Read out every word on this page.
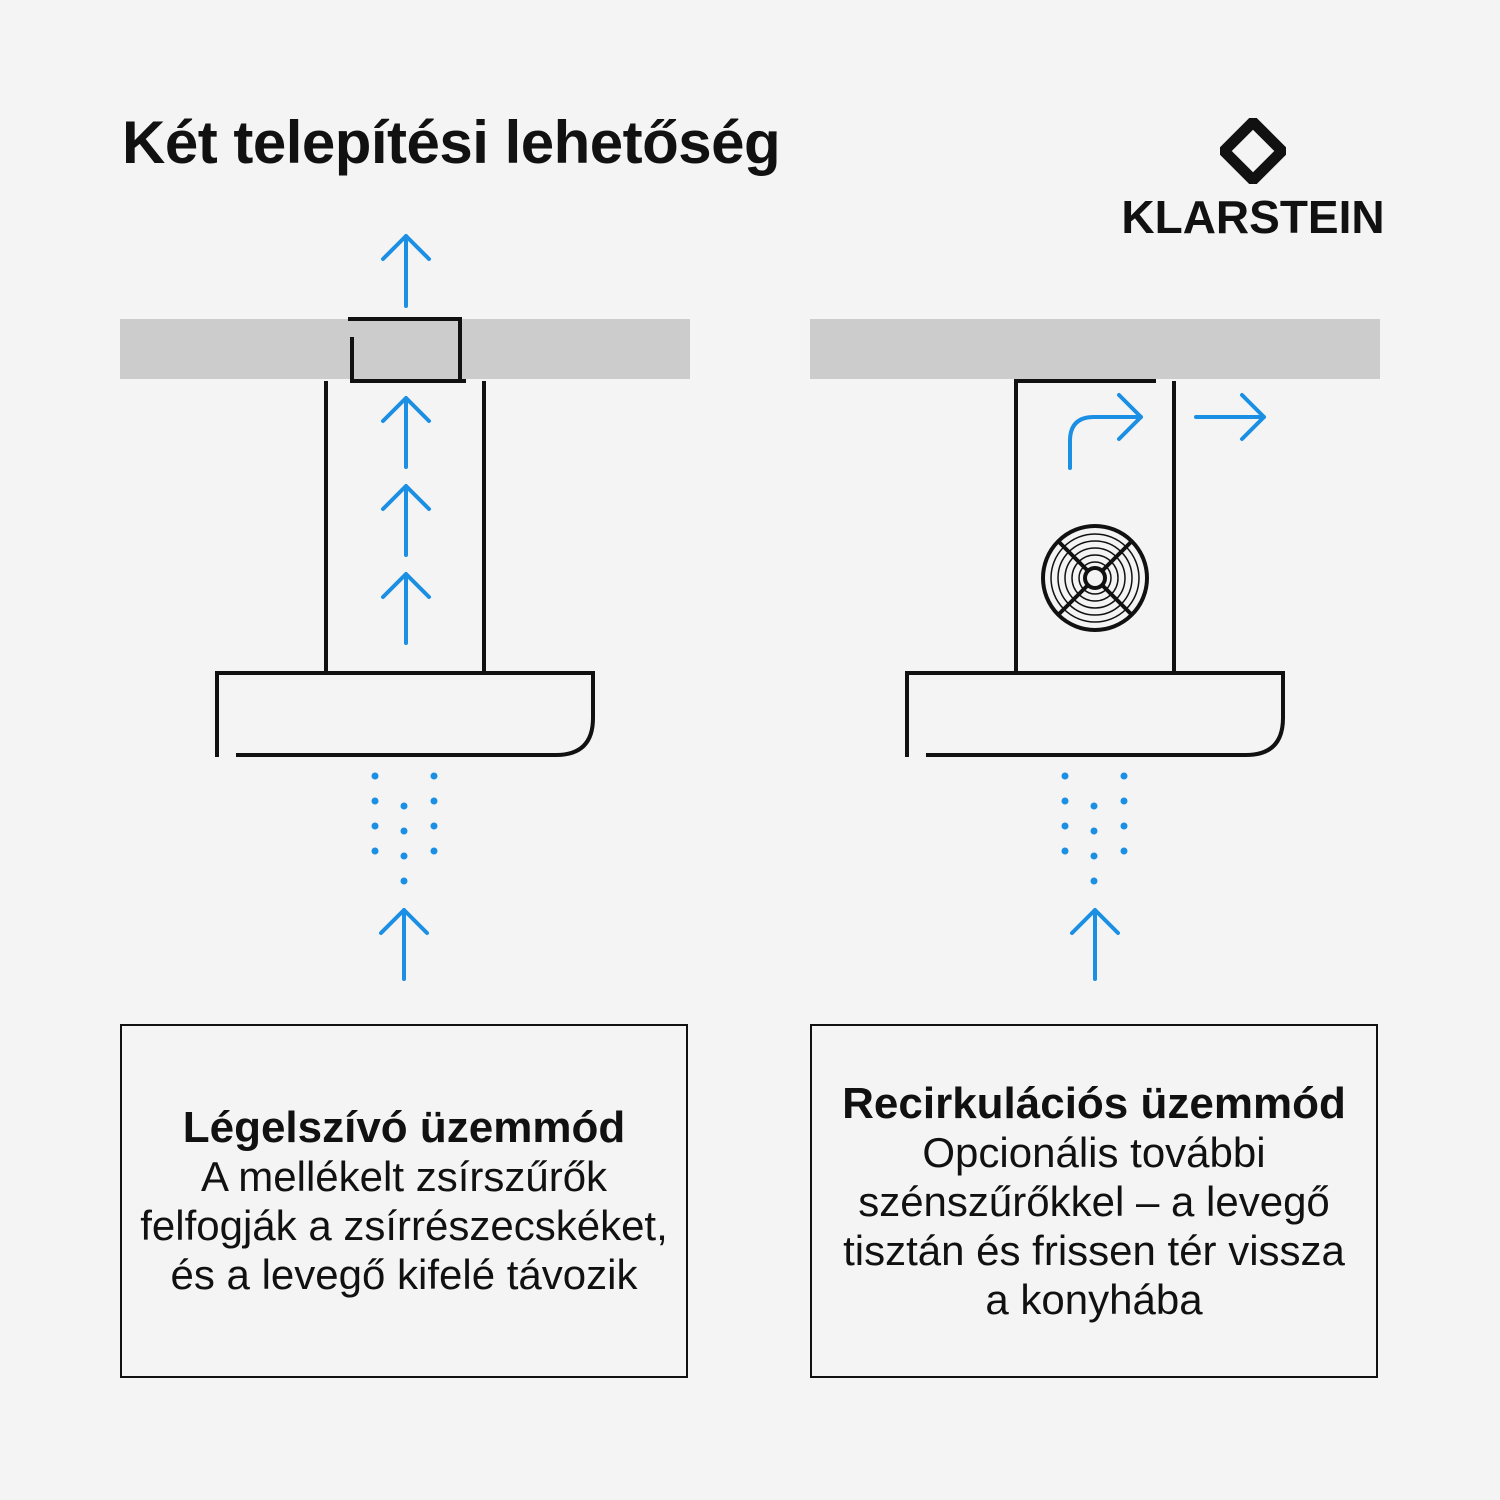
Két telepítési lehetőség
KLARSTEIN
Légelszívó üzemmód
A mellékelt zsírszűrők felfogják a zsírrészecskéket, és a levegő kifelé távozik
Recirkulációs üzemmód
Opcionális további szénszűrőkkel – a levegő tisztán és frissen tér vissza a konyhába
